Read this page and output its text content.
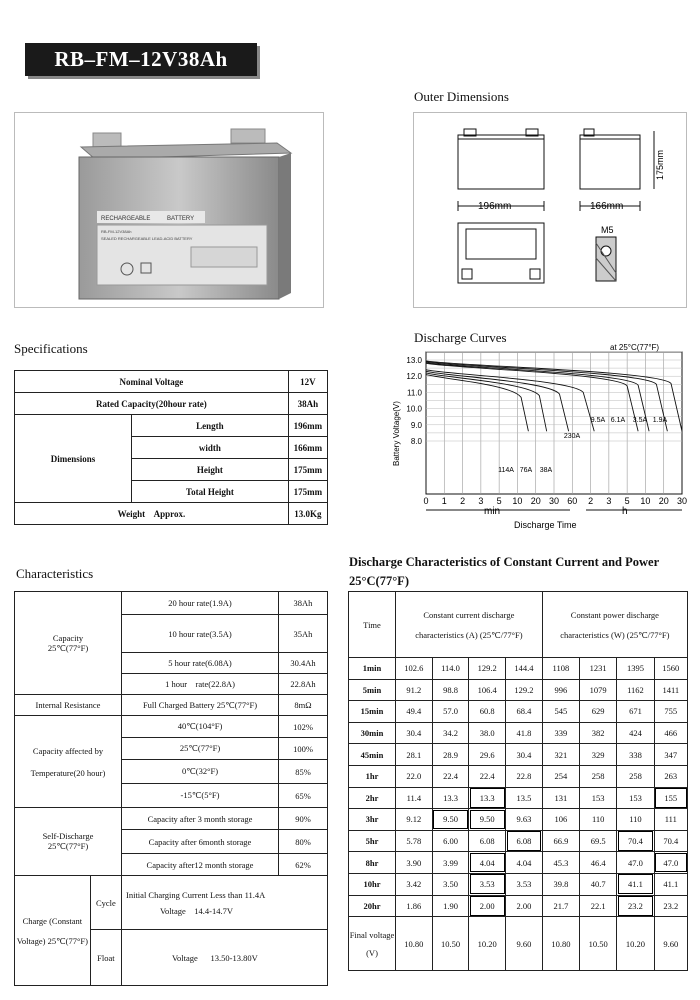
RB–FM–12V38Ah
RECHARGEABLE	BATTERY
RB-FM-12V38Ah
SEALED RECHARGEABLE LEAD-ACID BATTERY
Outer Dimensions
196mm	166mm
175mm
M5
Specifications
Nominal Voltage		12V
Rated Capacity(20hour rate)		38Ah
Dimensions	Length	196mm
	width	166mm
	Height	175mm
	Total Height	175mm
Weight    Approx.		13.0Kg
Discharge Curves
at 25°C(77°F)
Battery Voltage(V)
13.0
12.0
11.0
10.0
9.0
8.0
0 1 2 3 5 10 20 30 60 2 3 5 10 20 30
114A 76A 38A
230A
9.5A 6.1A 3.5A 1.9A
min	h
Discharge Time
Characteristics
Capacity
25℃(77°F)		20 hour rate(1.9A)	38Ah
		10 hour rate(3.5A)	35Ah
		5 hour rate(6.08A)	30.4Ah
		1 hour    rate(22.8A)	22.8Ah
Internal Resistance		Full Charged Battery 25℃(77°F)	8mΩ
Capacity affected by Temperature(20 hour)		40℃(104°F)	102%
		25℃(77°F)	100%
		0℃(32°F)	85%
		-15℃(5°F)	65%

Self-Discharge
25℃(77°F)		Capacity after 3 month storage	90%
		Capacity after 6month storage	80%
		Capacity after12 month storage	62%
Charge (Constant Voltage) 25℃(77°F)	Cycle	Initial Charging Current Less than 11.4A
Voltage    14.4-14.7V	

	Float	Voltage      13.50-13.80V	
Discharge Characteristics of Constant Current and Power 25°C(77°F)
Time	Constant current discharge characteristics (A) (25℃/77°F)				Constant power discharge characteristics (W) (25℃/77°F)			
1min	102.6	114.0	129.2	144.4	1108	1231	1395	1560
5min	91.2	98.8	106.4	129.2	996	1079	1162	1411
15min	49.4	57.0	60.8	68.4	545	629	671	755
30min	30.4	34.2	38.0	41.8	339	382	424	466
45min	28.1	28.9	29.6	30.4	321	329	338	347
1hr	22.0	22.4	22.4	22.8	254	258	258	263
2hr	11.4	13.3	13.3	13.5	131	153	153	155
3hr	9.12	9.50	9.50	9.63	106	110	110	111
5hr	5.78	6.00	6.08	6.08	66.9	69.5	70.4	70.4
8hr	3.90	3.99	4.04	4.04	45.3	46.4	47.0	47.0
10hr	3.42	3.50	3.53	3.53	39.8	40.7	41.1	41.1
20hr	1.86	1.90	2.00	2.00	21.7	22.1	23.2	23.2
Final voltage (V)	10.80	10.50	10.20	9.60	10.80	10.50	10.20	9.60
